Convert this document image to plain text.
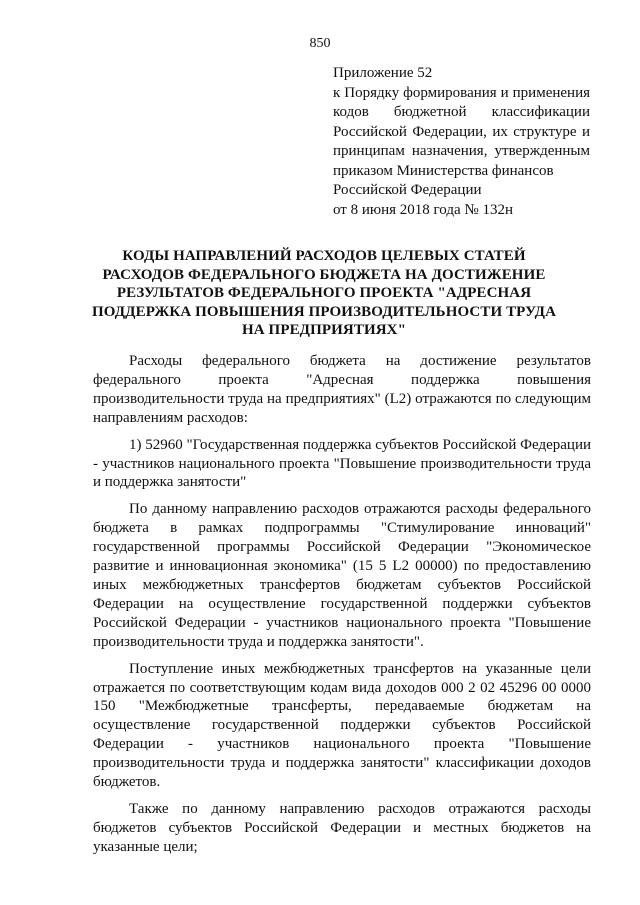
850
Приложение 52
к Порядку формирования и применения кодов бюджетной классификации Российской Федерации, их структуре и принципам назначения, утвержденным приказом Министерства финансов
Российской Федерации
от 8 июня 2018 года № 132н
КОДЫ НАПРАВЛЕНИЙ РАСХОДОВ ЦЕЛЕВЫХ СТАТЕЙ РАСХОДОВ ФЕДЕРАЛЬНОГО БЮДЖЕТА НА ДОСТИЖЕНИЕ РЕЗУЛЬТАТОВ ФЕДЕРАЛЬНОГО ПРОЕКТА "АДРЕСНАЯ ПОДДЕРЖКА ПОВЫШЕНИЯ ПРОИЗВОДИТЕЛЬНОСТИ ТРУДА НА ПРЕДПРИЯТИЯХ"

Расходы федерального бюджета на достижение результатов федерального проекта "Адресная поддержка повышения производительности труда на предприятиях" (L2) отражаются по следующим направлениям расходов:

1) 52960 "Государственная поддержка субъектов Российской Федерации - участников национального проекта "Повышение производительности труда и поддержка занятости"

По данному направлению расходов отражаются расходы федерального бюджета в рамках подпрограммы "Стимулирование инноваций" государственной программы Российской Федерации "Экономическое развитие и инновационная экономика" (15 5 L2 00000) по предоставлению иных межбюджетных трансфертов бюджетам субъектов Российской Федерации на осуществление государственной поддержки субъектов Российской Федерации - участников национального проекта "Повышение производительности труда и поддержка занятости".

Поступление иных межбюджетных трансфертов на указанные цели отражается по соответствующим кодам вида доходов 000 2 02 45296 00 0000 150 "Межбюджетные трансферты, передаваемые бюджетам на осуществление государственной поддержки субъектов Российской Федерации - участников национального проекта "Повышение производительности труда и поддержка занятости" классификации доходов бюджетов.

Также по данному направлению расходов отражаются расходы бюджетов субъектов Российской Федерации и местных бюджетов на указанные цели;
